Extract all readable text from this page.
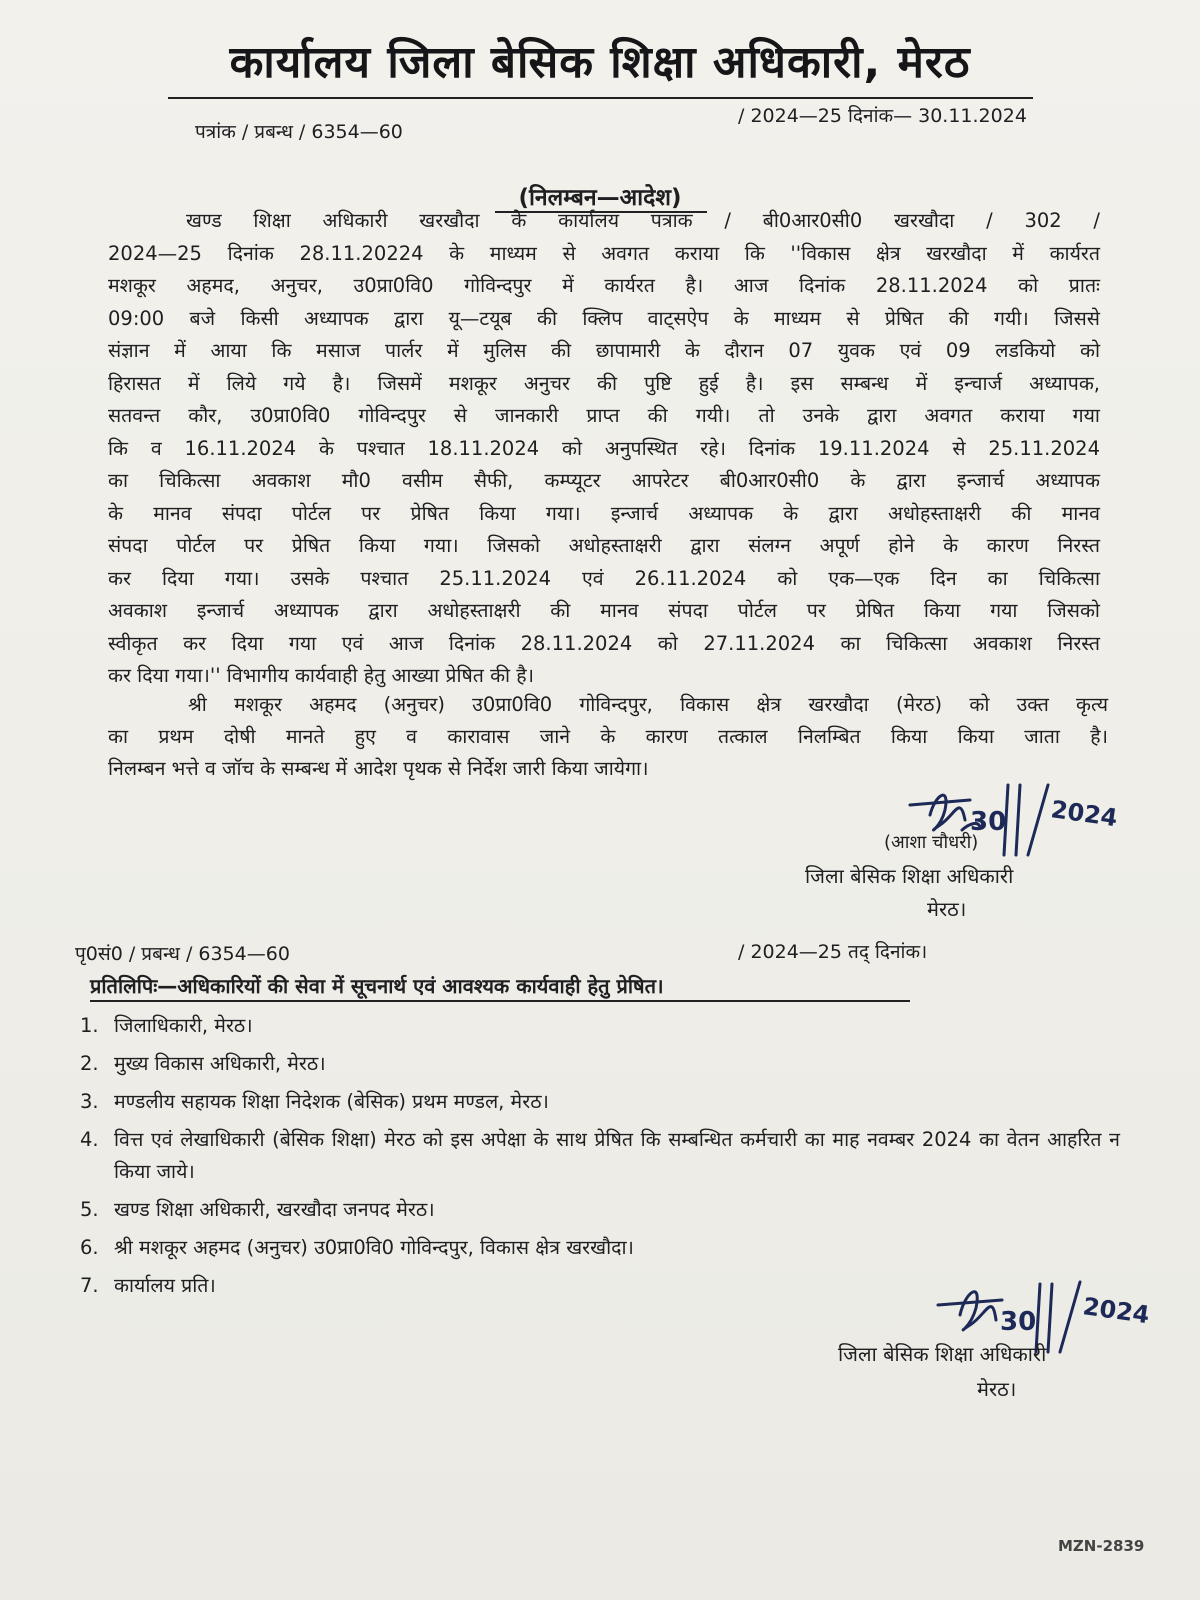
कार्यालय जिला बेसिक शिक्षा अधिकारी, मेरठ
/ 2024—25 दिनांक— 30.11.2024
पत्रांक / प्रबन्ध / 6354—60
(निलम्बन—आदेश)
खण्ड शिक्षा अधिकारी खरखौदा के कार्यालय पत्रांक / बी0आर0सी0 खरखौदा / 302 /
2024—25 दिनांक 28.11.20224 के माध्यम से अवगत कराया कि ''विकास क्षेत्र खरखौदा में कार्यरत
मशकूर अहमद, अनुचर, उ0प्रा0वि0 गोविन्दपुर में कार्यरत है। आज दिनांक 28.11.2024 को प्रातः
09:00 बजे किसी अध्यापक द्वारा यू—टयूब की क्लिप वाट्सऐप के माध्यम से प्रेषित की गयी। जिससे
संज्ञान में आया कि मसाज पार्लर में मुलिस की छापामारी के दौरान 07 युवक एवं 09 लडकियो को
हिरासत में लिये गये है। जिसमें मशकूर अनुचर की पुष्टि हुई है। इस सम्बन्ध में इन्चार्ज अध्यापक,
सतवन्त कौर, उ0प्रा0वि0 गोविन्दपुर से जानकारी प्राप्त की गयी। तो उनके द्वारा अवगत कराया गया
कि व 16.11.2024 के पश्चात 18.11.2024 को अनुपस्थित रहे। दिनांक 19.11.2024 से 25.11.2024
का चिकित्सा अवकाश मौ0 वसीम सैफी, कम्प्यूटर आपरेटर बी0आर0सी0 के द्वारा इन्जार्च अध्यापक
के मानव संपदा पोर्टल पर प्रेषित किया गया। इन्जार्च अध्यापक के द्वारा अधोहस्ताक्षरी की मानव
संपदा पोर्टल पर प्रेषित किया गया। जिसको अधोहस्ताक्षरी द्वारा संलग्न अपूर्ण होने के कारण निरस्त
कर दिया गया। उसके पश्चात 25.11.2024 एवं 26.11.2024 को एक—एक दिन का चिकित्सा
अवकाश इन्जार्च अध्यापक द्वारा अधोहस्ताक्षरी की मानव संपदा पोर्टल पर प्रेषित किया गया जिसको
स्वीकृत कर दिया गया एवं आज दिनांक 28.11.2024 को 27.11.2024 का चिकित्सा अवकाश निरस्त
कर दिया गया।'' विभागीय कार्यवाही हेतु आख्या प्रेषित की है।
श्री मशकूर अहमद (अनुचर) उ0प्रा0वि0 गोविन्दपुर, विकास क्षेत्र खरखौदा (मेरठ) को उक्त कृत्य
का प्रथम दोषी मानते हुए व कारावास जाने के कारण तत्काल निलम्बित किया किया जाता है।
निलम्बन भत्ते व जॉच के सम्बन्ध में आदेश पृथक से निर्देश जारी किया जायेगा।
30 2024
(आशा चौधरी)
जिला बेसिक शिक्षा अधिकारी
मेरठ।
पृ0सं0 / प्रबन्ध / 6354—60	/ 2024—25 तद् दिनांक।
प्रतिलिपिः—अधिकारियों की सेवा में सूचनार्थ एवं आवश्यक कार्यवाही हेतु प्रेषित।
1. जिलाधिकारी, मेरठ।
2. मुख्य विकास अधिकारी, मेरठ।
3. मण्डलीय सहायक शिक्षा निदेशक (बेसिक) प्रथम मण्डल, मेरठ।
4. वित्त एवं लेखाधिकारी (बेसिक शिक्षा) मेरठ को इस अपेक्षा के साथ प्रेषित कि सम्बन्धित कर्मचारी का माह नवम्बर 2024 का वेतन आहरित न किया जाये।
5. खण्ड शिक्षा अधिकारी, खरखौदा जनपद मेरठ।
6. श्री मशकूर अहमद (अनुचर) उ0प्रा0वि0 गोविन्दपुर, विकास क्षेत्र खरखौदा।
7. कार्यालय प्रति।
30 2024
जिला बेसिक शिक्षा अधिकारी
मेरठ।
MZN-2839
